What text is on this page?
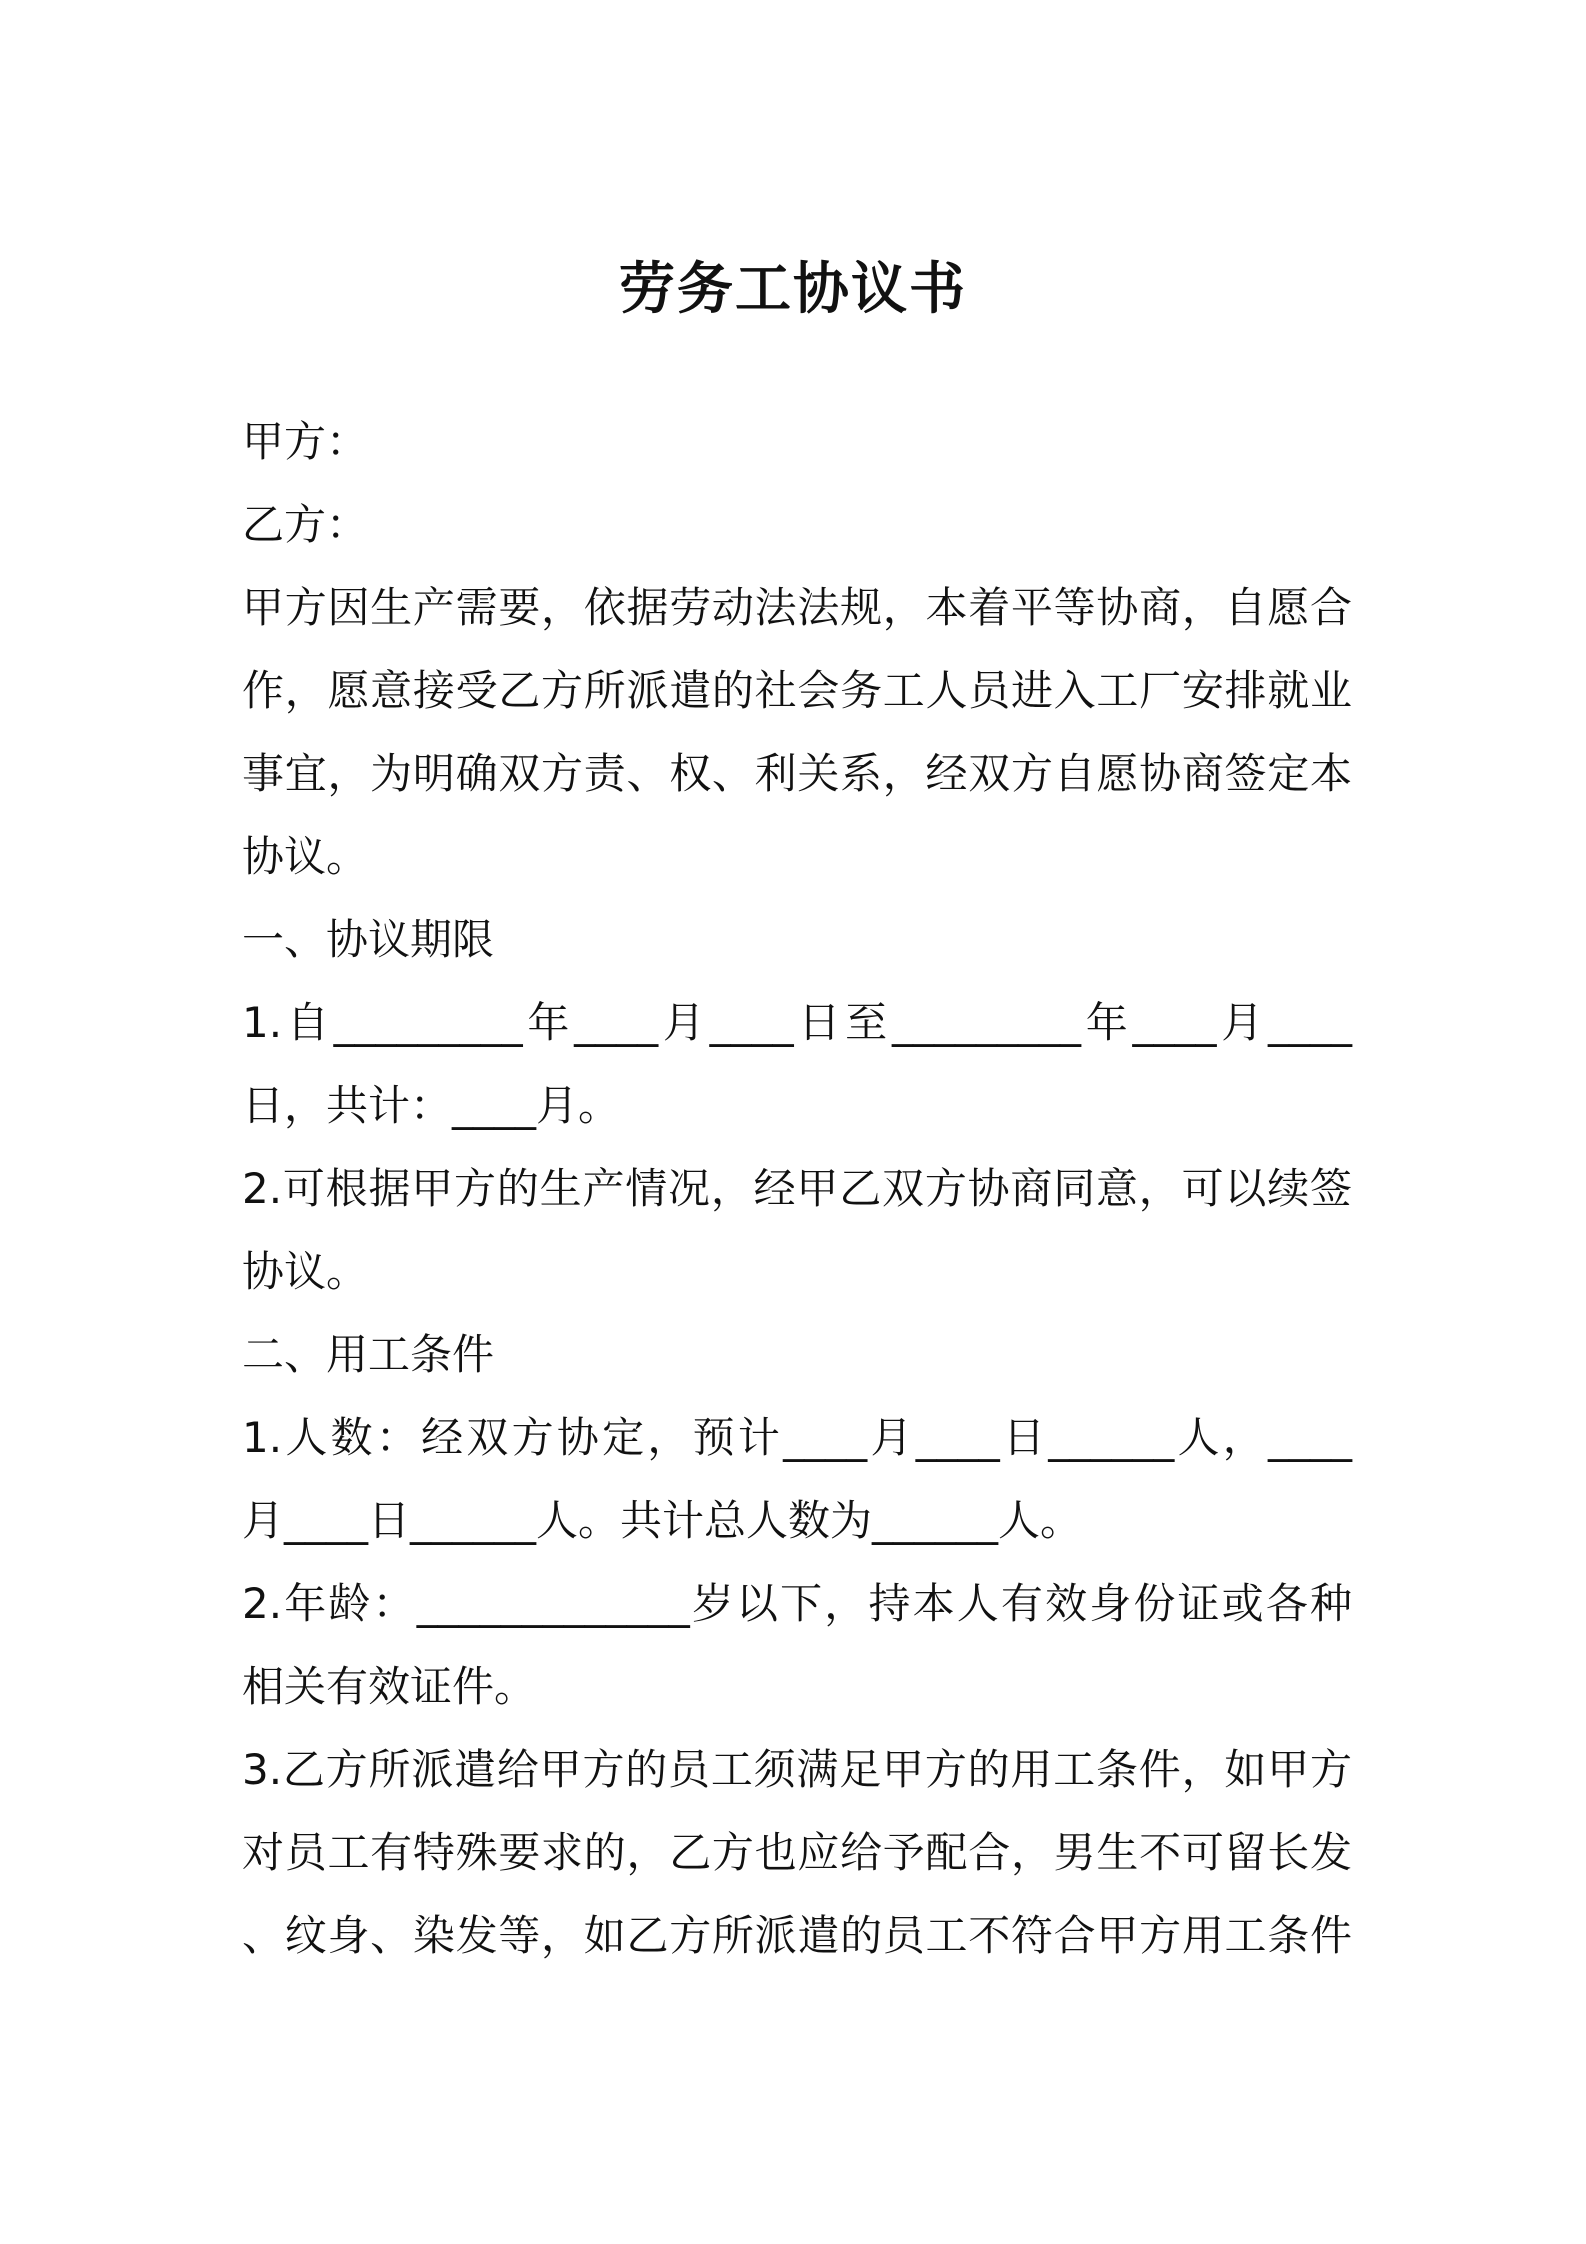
劳务工协议书
甲方：
乙方：
甲方因生产需要，依据劳动法法规，本着平等协商，自愿合
作，愿意接受乙方所派遣的社会务工人员进入工厂安排就业
事宜，为明确双方责、权、利关系，经双方自愿协商签定本
协议。
一、协议期限
1.自_________年____月____日至_________年____月____
日，共计：____月。
2.可根据甲方的生产情况，经甲乙双方协商同意，可以续签
协议。
二、用工条件
1.人数：经双方协定，预计____月____日______人，____
月____日______人。共计总人数为______人。
2.年龄：_____________岁以下，持本人有效身份证或各种
相关有效证件。
3.乙方所派遣给甲方的员工须满足甲方的用工条件，如甲方
对员工有特殊要求的，乙方也应给予配合，男生不可留长发
、纹身、染发等，如乙方所派遣的员工不符合甲方用工条件
